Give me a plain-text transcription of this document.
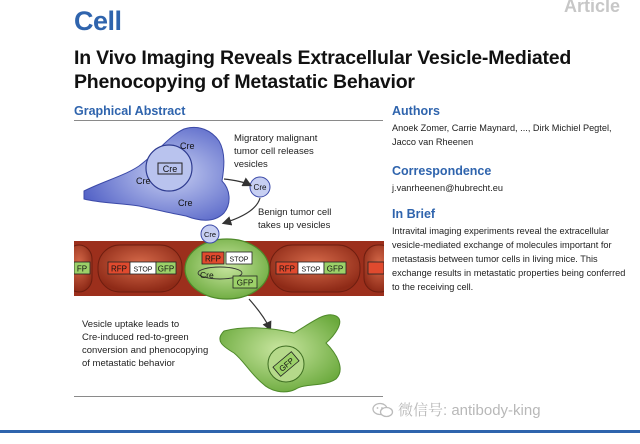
Cell	Article
In Vivo Imaging Reveals Extracellular Vesicle-Mediated Phenocopying of Metastatic Behavior
Graphical Abstract
Cre
Cre
Cre
Cre
Cre
Migratory malignant tumor cell releases vesicles
Benign tumor cell takes up vesicles
FP	RFP STOP GFP
Cre
RFP STOP
Cre
GFP
RFP STOP GFP
GFP
Vesicle uptake leads to Cre-induced red-to-green conversion and phenocopying of metastatic behavior
Authors
Anoek Zomer, Carrie Maynard, ..., Dirk Michiel Pegtel, Jacco van Rheenen
Correspondence
j.vanrheenen@hubrecht.eu
In Brief
Intravital imaging experiments reveal the extracellular vesicle-mediated exchange of molecules important for metastasis between tumor cells in living mice. This exchange results in metastatic properties being conferred to the receiving cell.
微信号: antibody-king
